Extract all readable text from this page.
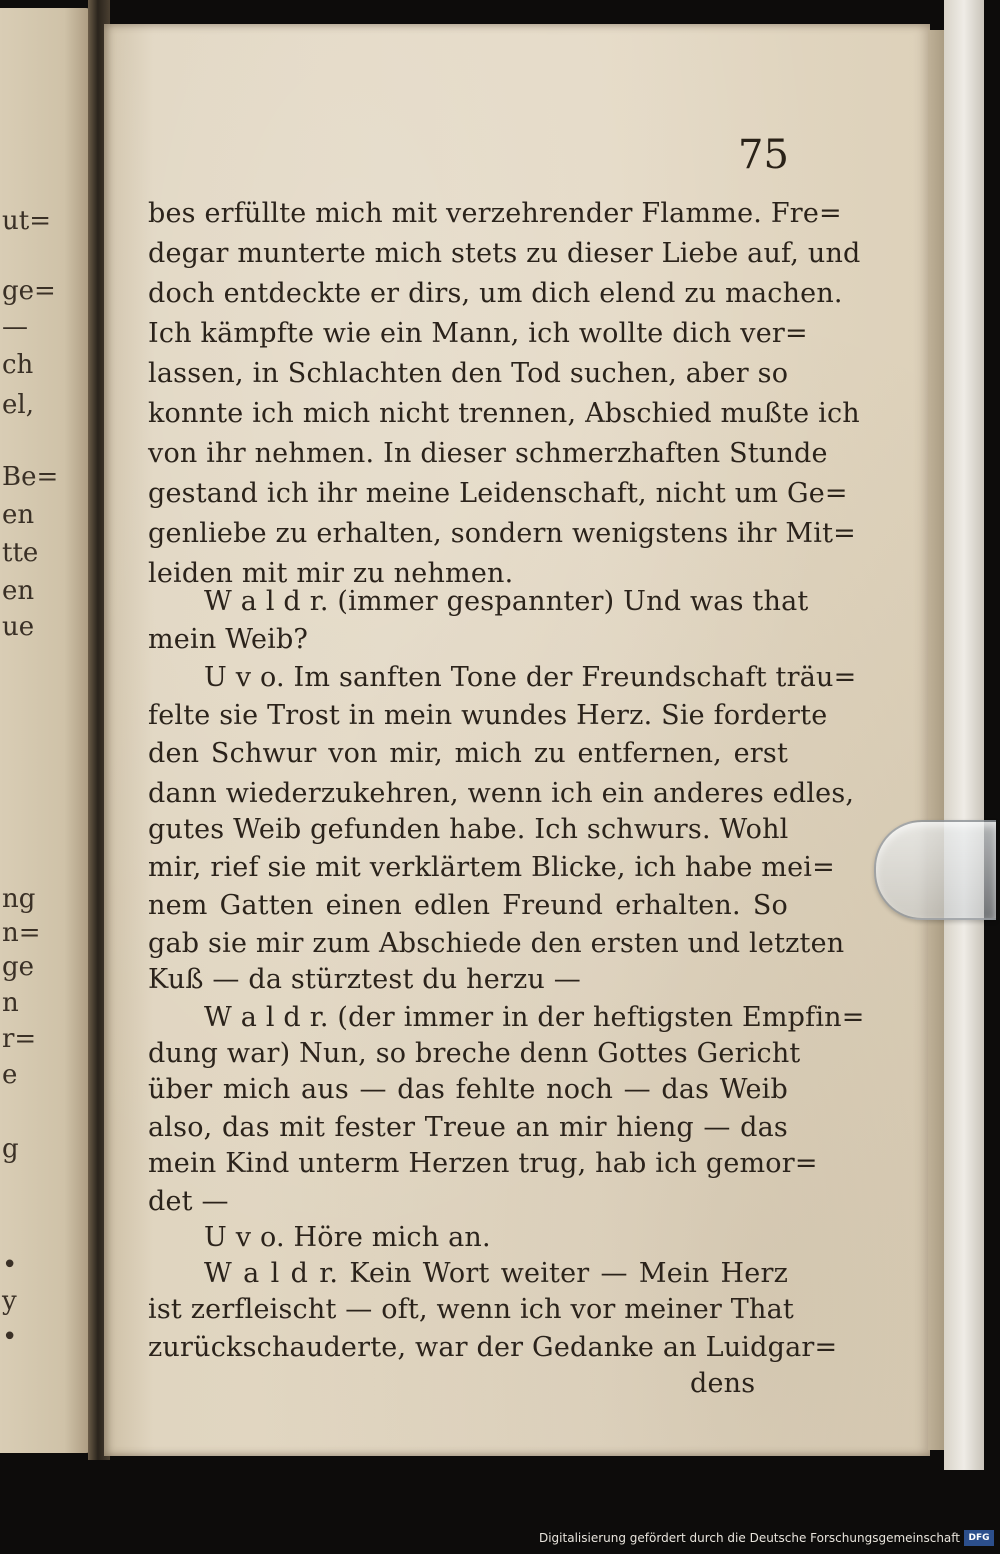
ut=
ge=
—
ch
el,
Be=
en
tte
en
ue
ng
n=
ge
n
r=
e
g
•
y
•
75
bes erfüllte mich mit verzehrender Flamme. Fre=
degar munterte mich stets zu dieser Liebe auf, und
doch entdeckte er dirs, um dich elend zu machen.
Ich kämpfte wie ein Mann, ich wollte dich ver=
lassen, in Schlachten den Tod suchen, aber so
konnte ich mich nicht trennen, Abschied mußte ich
von ihr nehmen. In dieser schmerzhaften Stunde
gestand ich ihr meine Leidenschaft, nicht um Ge=
genliebe zu erhalten, sondern wenigstens ihr Mit=
leiden mit mir zu nehmen.
W a l d r. (immer gespannter) Und was that
mein Weib?
U v o. Im sanften Tone der Freundschaft träu=
felte sie Trost in mein wundes Herz. Sie forderte
den Schwur von mir, mich zu entfernen, erst
dann wiederzukehren, wenn ich ein anderes edles,
gutes Weib gefunden habe. Ich schwurs. Wohl
mir, rief sie mit verklärtem Blicke, ich habe mei=
nem Gatten einen edlen Freund erhalten. So
gab sie mir zum Abschiede den ersten und letzten
Kuß — da stürztest du herzu —
W a l d r. (der immer in der heftigsten Empfin=
dung war) Nun, so breche denn Gottes Gericht
über mich aus — das fehlte noch — das Weib
also, das mit fester Treue an mir hieng — das
mein Kind unterm Herzen trug, hab ich gemor=
det —
U v o. Höre mich an.
W a l d r. Kein Wort weiter — Mein Herz
ist zerfleischt — oft, wenn ich vor meiner That
zurückschauderte, war der Gedanke an Luidgar=
dens
Digitalisierung gefördert durch die Deutsche Forschungsgemeinschaft DFG
